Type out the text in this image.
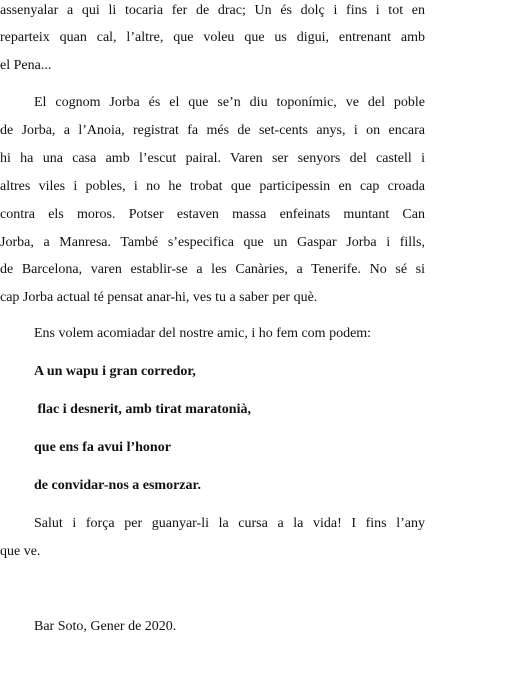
assenyalar a qui li tocaria fer de drac; Un és dolç i fins i tot en
reparteix quan cal, l’altre, que voleu que us digui, entrenant amb
el Pena...
El cognom Jorba és el que se’n diu toponímic, ve del poble
de Jorba, a l’Anoia, registrat fa més de set-cents anys, i on encara
hi ha una casa amb l’escut pairal. Varen ser senyors del castell i
altres viles i pobles, i no he trobat que participessin en cap croada
contra els moros. Potser estaven massa enfeinats muntant Can
Jorba, a Manresa. També s’especifica que un Gaspar Jorba i fills,
de Barcelona, varen establir-se a les Canàries, a Tenerife. No sé si
cap Jorba actual té pensat anar-hi, ves tu a saber per què.
Ens volem acomiadar del nostre amic, i ho fem com podem:
A un wapu i gran corredor,
flac i desnerit, amb tirat maratonià,
que ens fa avui l’honor
de convidar-nos a esmorzar.
Salut i força per guanyar-li la cursa a la vida! I fins l’any
que ve.
Bar Soto, Gener de 2020.
